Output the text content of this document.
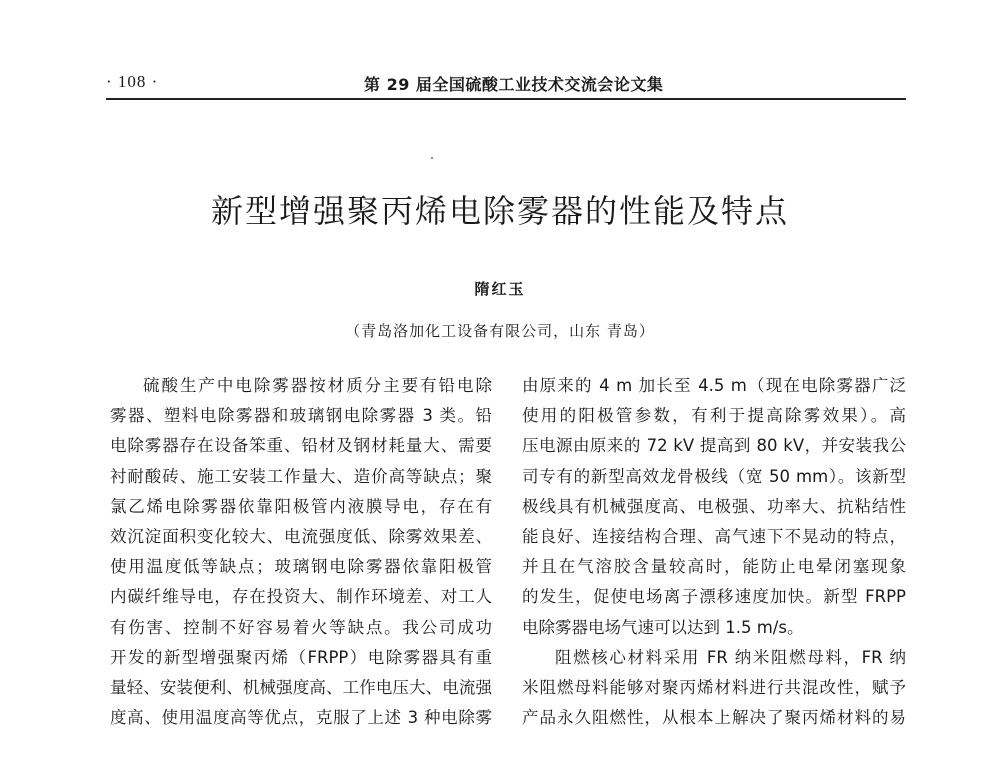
· 108 ·	第 29 届全国硫酸工业技术交流会论文集
新型增强聚丙烯电除雾器的性能及特点
隋红玉
（青岛洛加化工设备有限公司，山东 青岛）
硫酸生产中电除雾器按材质分主要有铅电除
雾器、塑料电除雾器和玻璃钢电除雾器 3 类。铅
电除雾器存在设备笨重、铅材及钢材耗量大、需要
衬耐酸砖、施工安装工作量大、造价高等缺点；聚
氯乙烯电除雾器依靠阳极管内液膜导电，存在有
效沉淀面积变化较大、电流强度低、除雾效果差、
使用温度低等缺点；玻璃钢电除雾器依靠阳极管
内碳纤维导电，存在投资大、制作环境差、对工人
有伤害、控制不好容易着火等缺点。我公司成功
开发的新型增强聚丙烯（FRPP）电除雾器具有重
量轻、安装便利、机械强度高、工作电压大、电流强
度高、使用温度高等优点，克服了上述 3 种电除雾
由原来的 4 m 加长至 4.5 m（现在电除雾器广泛
使用的阳极管参数，有利于提高除雾效果）。高
压电源由原来的 72 kV 提高到 80 kV，并安装我公
司专有的新型高效龙骨极线（宽 50 mm）。该新型
极线具有机械强度高、电极强、功率大、抗粘结性
能良好、连接结构合理、高气速下不晃动的特点，
并且在气溶胶含量较高时，能防止电晕闭塞现象
的发生，促使电场离子漂移速度加快。新型 FRPP
电除雾器电场气速可以达到 1.5 m/s。
阻燃核心材料采用 FR 纳米阻燃母料，FR 纳
米阻燃母料能够对聚丙烯材料进行共混改性，赋予
产品永久阻燃性，从根本上解决了聚丙烯材料的易
